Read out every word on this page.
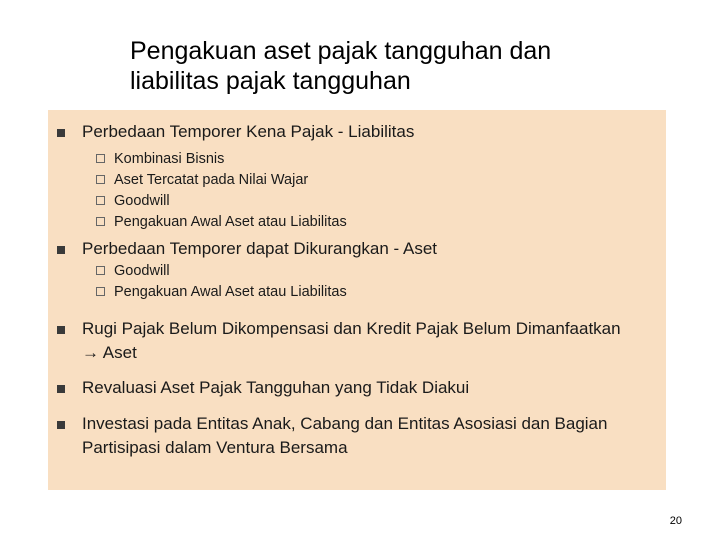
Pengakuan aset pajak tangguhan dan
liabilitas pajak tangguhan
Perbedaan Temporer Kena Pajak - Liabilitas
Kombinasi Bisnis
Aset Tercatat pada Nilai Wajar
Goodwill
Pengakuan Awal Aset atau Liabilitas
Perbedaan Temporer dapat Dikurangkan - Aset
Goodwill
Pengakuan Awal Aset atau Liabilitas
Rugi Pajak Belum Dikompensasi dan Kredit Pajak Belum Dimanfaatkan
→ Aset
Revaluasi Aset Pajak Tangguhan yang Tidak Diakui
Investasi pada Entitas Anak, Cabang dan Entitas Asosiasi dan Bagian
Partisipasi dalam Ventura Bersama
20
